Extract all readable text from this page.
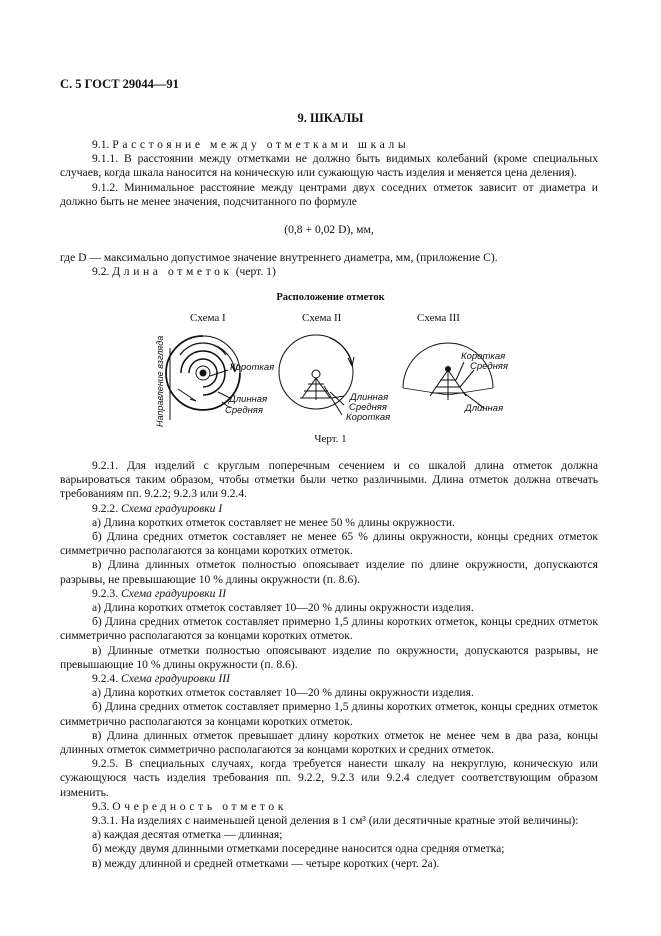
С. 5 ГОСТ 29044—91
9. ШКАЛЫ

9.1. Расстояние между отметками шкалы

9.1.1. В расстоянии между отметками не должно быть видимых колебаний (кроме специальных случаев, когда шкала наносится на коническую или сужающую часть изделия и меняется цена деления).

9.1.2. Минимальное расстояние между центрами двух соседних отметок зависит от диаметра и должно быть не менее значения, подсчитанного по формуле

(0,8 + 0,02 D), мм,

где D — максимально допустимое значение внутреннего диаметра, мм, (приложение С).

9.2. Длина отметок (черт. 1)

Расположение отметок
Схема I	Схема II	Схема III
Направление взгляда	Короткая
Длинная
Средняя
Длинная
Средняя
Короткая
Короткая
Средняя
Длинная
Черт. 1

9.2.1. Для изделий с круглым поперечным сечением и со шкалой длина отметок должна варьироваться таким образом, чтобы отметки были четко различными. Длина отметок должна отвечать требованиям пп. 9.2.2; 9.2.3 или 9.2.4.

9.2.2. Схема градуировки I

а) Длина коротких отметок составляет не менее 50 % длины окружности.

б) Длина средних отметок составляет не менее 65 % длины окружности, концы средних отметок симметрично располагаются за концами коротких отметок.

в) Длина длинных отметок полностью опоясывает изделие по длине окружности, допускаются разрывы, не превышающие 10 % длины окружности (п. 8.6).

9.2.3. Схема градуировки II

а) Длина коротких отметок составляет 10—20 % длины окружности изделия.

б) Длина средних отметок составляет примерно 1,5 длины коротких отметок, концы средних отметок симметрично располагаются за концами коротких отметок.

в) Длинные отметки полностью опоясывают изделие по окружности, допускаются разрывы, не превышающие 10 % длины окружности (п. 8.6).

9.2.4. Схема градуировки III

а) Длина коротких отметок составляет 10—20 % длины окружности изделия.

б) Длина средних отметок составляет примерно 1,5 длины коротких отметок, концы средних отметок симметрично располагаются за концами коротких отметок.

в) Длина длинных отметок превышает длину коротких отметок не менее чем в два раза, концы длинных отметок симметрично располагаются за концами коротких и средних отметок.

9.2.5. В специальных случаях, когда требуется нанести шкалу на некруглую, коническую или сужающуюся часть изделия требования пп. 9.2.2, 9.2.3 или 9.2.4 следует соответствующим образом изменить.

9.3. Очередность отметок

9.3.1. На изделиях с наименьшей ценой деления в 1 см³ (или десятичные кратные этой величины):

а) каждая десятая отметка — длинная;

б) между двумя длинными отметками посередине наносится одна средняя отметка;

в) между длинной и средней отметками — четыре коротких (черт. 2а).
